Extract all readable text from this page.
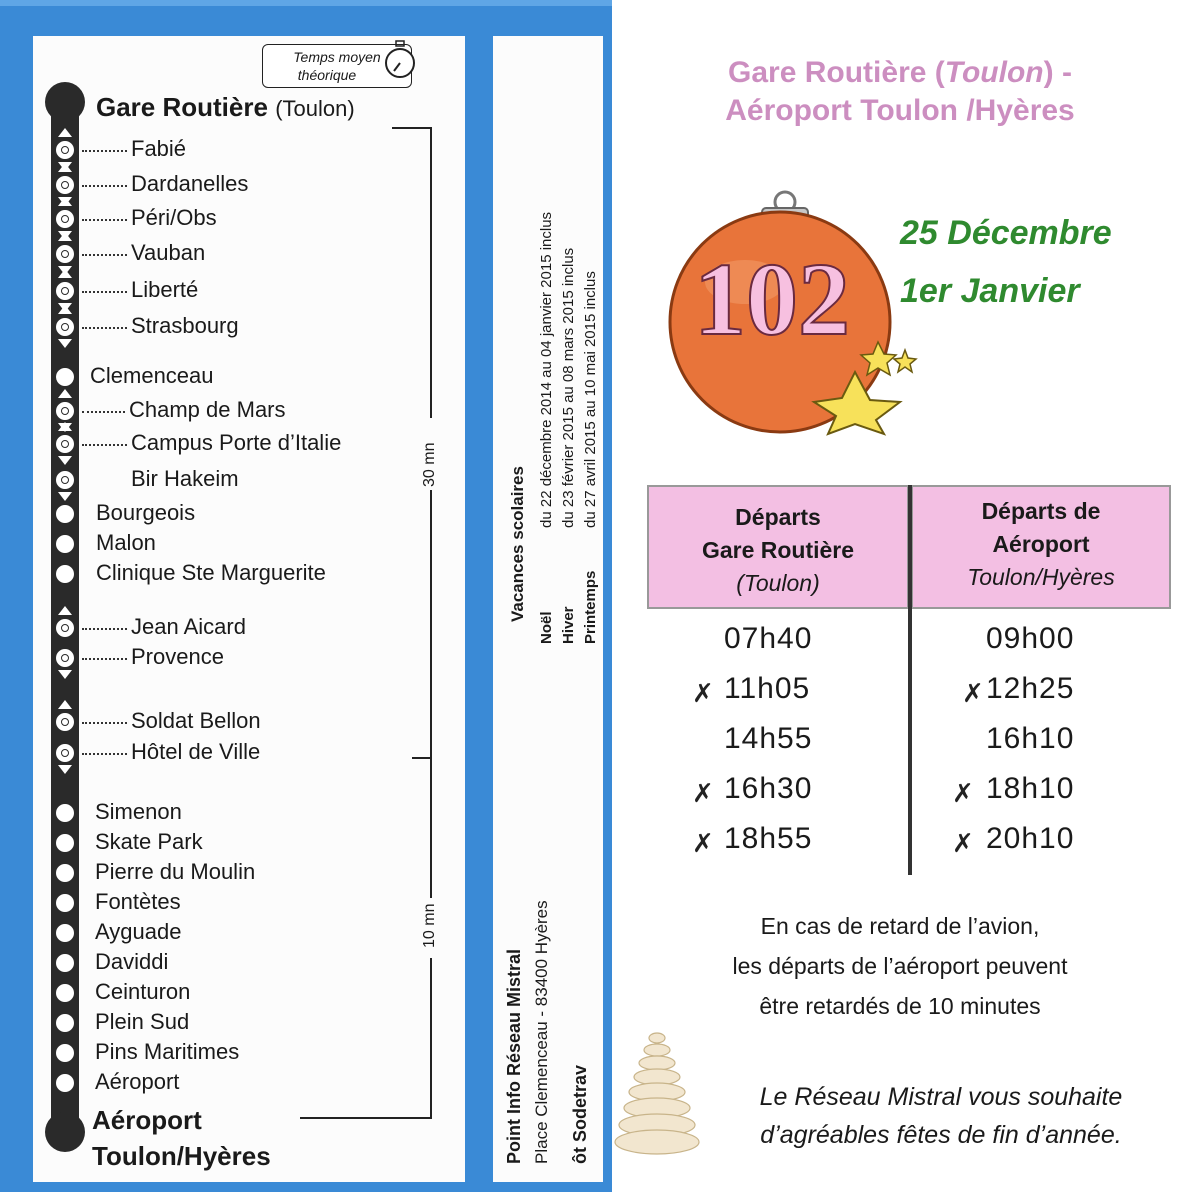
Temps moyen
théorique
Fabié
Dardanelles
Péri/Obs
Vauban
Liberté
Strasbourg
Clemenceau
Champ de Mars
Campus Porte d’Italie
Bir Hakeim
Bourgeois
Malon
Clinique Ste Marguerite
Jean Aicard
Provence
Soldat Bellon
Hôtel de Ville
Simenon
Skate Park
Pierre du Moulin
Fontètes
Ayguade
Daviddi
Ceinturon
Plein Sud
Pins Maritimes
Aéroport
Gare Routière (Toulon)
Aéroport
Toulon/Hyères
30 mn
10 mn
Vacances scolaires
Noël Hiver Printemps
du 22 décembre 2014 au 04 janvier 2015 inclus du 23 février 2015 au 08 mars 2015 inclus du 27 avril 2015 au 10 mai 2015 inclus
Point Info Réseau Mistral Place Clemenceau - 83400 Hyères ôt Sodetrav
Gare Routière (Toulon) -
Aéroport Toulon /Hyères
102
25 Décembre
1er Janvier
Départs
Gare Routière
(Toulon)
Départs de
Aéroport
Toulon/Hyères
07h40
11h05
✗
14h55
16h30
✗
18h55
✗
09h00
12h25
✗
16h10
18h10
✗
20h10
✗
En cas de retard de l’avion,
les départs de l’aéroport peuvent
être retardés de 10 minutes
Le Réseau Mistral vous souhaite
d’agréables fêtes de fin d’année.
